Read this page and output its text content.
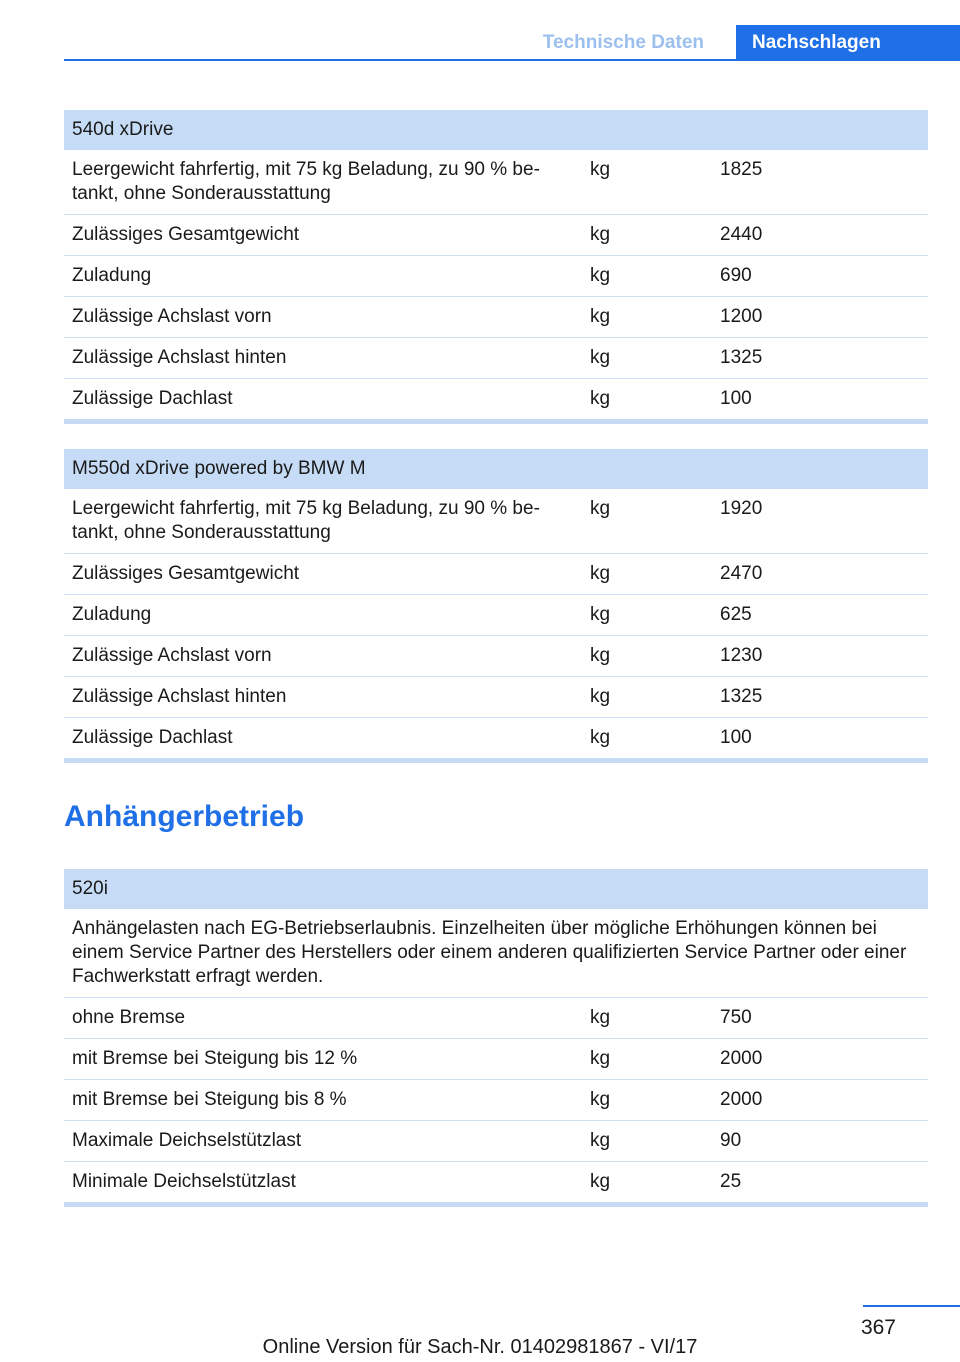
Technische Daten	Nachschlagen
540d xDrive		
Leergewicht fahrfertig, mit 75 kg Beladung, zu 90 % betankt, ohne Sonderausstattung	kg	1825
Zulässiges Gesamtgewicht	kg	2440
Zuladung	kg	690
Zulässige Achslast vorn	kg	1200
Zulässige Achslast hinten	kg	1325
Zulässige Dachlast	kg	100
M550d xDrive powered by BMW M		
Leergewicht fahrfertig, mit 75 kg Beladung, zu 90 % betankt, ohne Sonderausstattung	kg	1920
Zulässiges Gesamtgewicht	kg	2470
Zuladung	kg	625
Zulässige Achslast vorn	kg	1230
Zulässige Achslast hinten	kg	1325
Zulässige Dachlast	kg	100
Anhängerbetrieb
520i		
Anhängelasten nach EG-Betriebserlaubnis. Einzelheiten über mögliche Erhöhungen können bei einem Service Partner des Herstellers oder einem anderen qualifizierten Service Partner oder einer Fachwerkstatt erfragt werden.		
ohne Bremse	kg	750
mit Bremse bei Steigung bis 12 %	kg	2000
mit Bremse bei Steigung bis 8 %	kg	2000
Maximale Deichselstützlast	kg	90
Minimale Deichselstützlast	kg	25
367
Online Version für Sach-Nr. 01402981867 - VI/17
